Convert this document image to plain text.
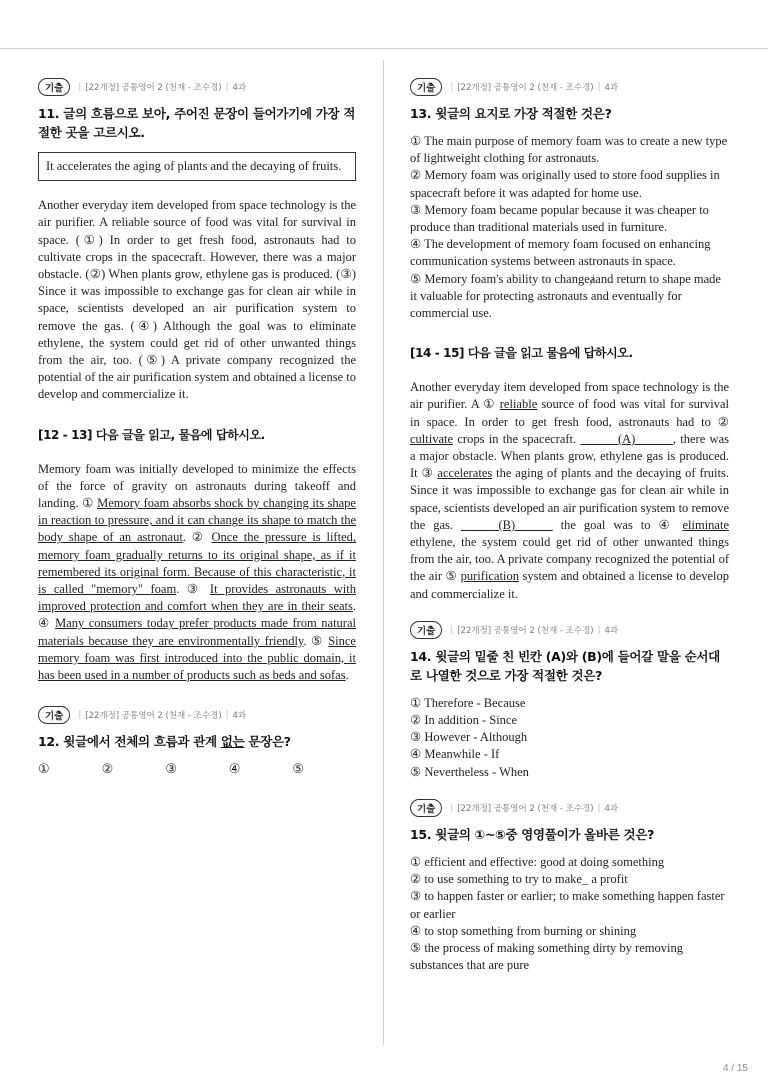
기출	| [22개정] 공통영어 2 (천재 - 조수경) | 4과
11. 글의 흐름으로 보아, 주어진 문장이 들어가기에 가장 적절한 곳을 고르시오.
It accelerates the aging of plants and the decaying of fruits.

Another everyday item developed from space technology is the air purifier. A reliable source of food was vital for survival in space. (①) In order to get fresh food, astronauts had to cultivate crops in the spacecraft. However, there was a major obstacle. (②) When plants grow, ethylene gas is produced. (③) Since it was impossible to exchange gas for clean air while in space, scientists developed an air purification system to remove the gas. (④) Although the goal was to eliminate ethylene, the system could get rid of other unwanted things from the air, too. (⑤) A private company recognized the potential of the air purification system and obtained a license to develop and commercialize it.

[12 - 13] 다음 글을 읽고, 물음에 답하시오.

Memory foam was initially developed to minimize the effects of the force of gravity on astronauts during takeoff and landing. ① Memory foam absorbs shock by changing its shape in reaction to pressure, and it can change its shape to match the body shape of an astronaut. ② Once the pressure is lifted, memory foam gradually returns to its original shape, as if it remembered its original form. Because of this characteristic, it is called "memory" foam. ③ It provides astronauts with improved protection and comfort when they are in their seats. ④ Many consumers today prefer products made from natural materials because they are environmentally friendly. ⑤ Since memory foam was first introduced into the public domain, it has been used in a number of products such as beds and sofas.

기출	| [22개정] 공통영어 2 (천재 - 조수경) | 4과
12. 윗글에서 전체의 흐름과 관계 없는 문장은?
①	②	③	④	⑤
기출	| [22개정] 공통영어 2 (천재 - 조수경) | 4과
13. 윗글의 요지로 가장 적절한 것은?
① The main purpose of memory foam was to create a new type of lightweight clothing for astronauts.
② Memory foam was originally used to store food supplies in spacecraft before it was adapted for home use.
③ Memory foam became popular because it was cheaper to produce than traditional materials used in furniture.
④ The development of memory foam focused on enhancing communication systems between astronauts in space.
⑤ Memory foam's ability to changeⱥand return to shape made it valuable for protecting astronauts and eventually for commercial use.
[14 - 15] 다음 글을 읽고 물음에 답하시오.

Another everyday item developed from space technology is the air purifier. A ① reliable source of food was vital for survival in space. In order to get fresh food, astronauts had to ② cultivate crops in the spacecraft. ______(A)______, there was a major obstacle. When plants grow, ethylene gas is produced. It ③ accelerates the aging of plants and the decaying of fruits. Since it was impossible to exchange gas for clean air while in space, scientists developed an air purification system to remove the gas. ______(B)______ the goal was to ④ eliminate ethylene, the system could get rid of other unwanted things from the air, too. A private company recognized the potential of the air ⑤ purification system and obtained a license to develop and commercialize it.

기출	| [22개정] 공통영어 2 (천재 - 조수경) | 4과
14. 윗글의 밑줄 친 빈칸 (A)와 (B)에 들어갈 말을 순서대로 나열한 것으로 가장 적절한 것은?
① Therefore - Because
② In addition - Since
③ However - Although
④ Meanwhile - If
⑤ Nevertheless - When
기출	| [22개정] 공통영어 2 (천재 - 조수경) | 4과
15. 윗글의 ①~⑤중 영영풀이가 올바른 것은?
① efficient and effective: good at doing something
② to use something to try to make_ a profit
③ to happen faster or earlier; to make something happen faster or earlier
④ to stop something from burning or shining
⑤ the process of making something dirty by removing substances that are pure
4 / 15
